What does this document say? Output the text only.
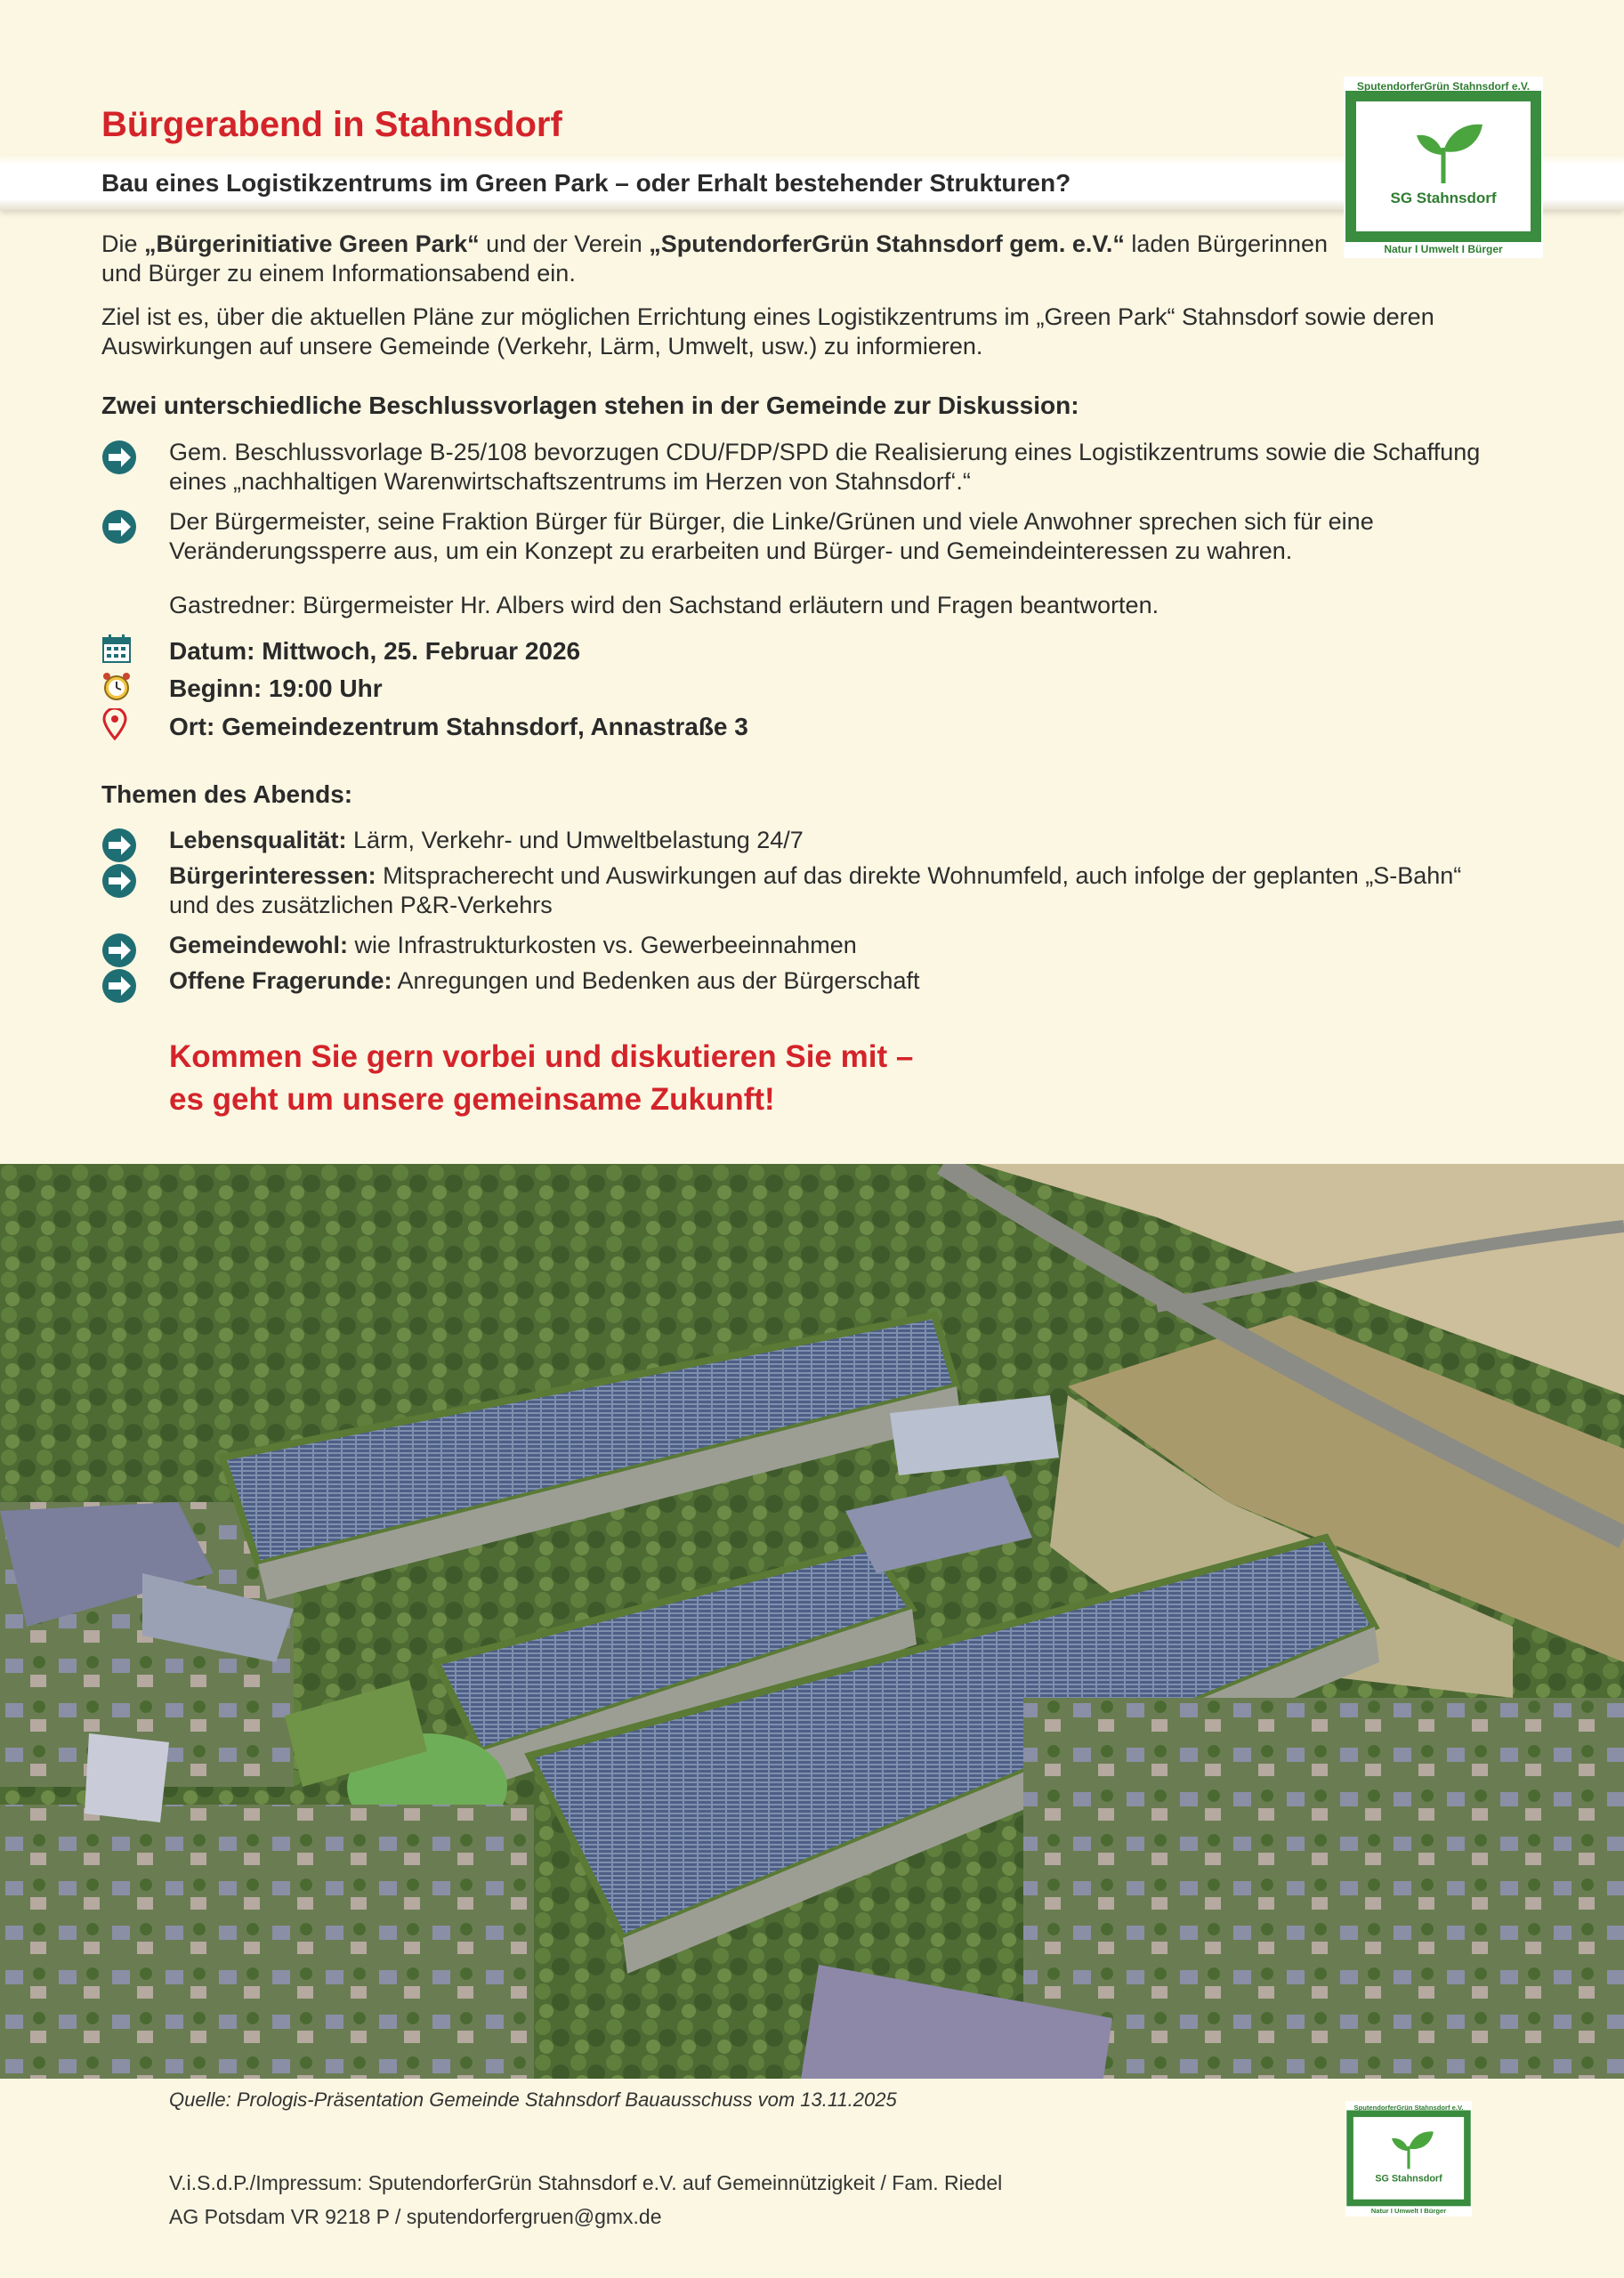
Bürgerabend in Stahnsdorf
Bau eines Logistikzentrums im Green Park – oder Erhalt bestehender Strukturen?
SputendorferGrün Stahnsdorf e.V.
SG Stahnsdorf
Natur I Umwelt I Bürger
Die „Bürgerinitiative Green Park“ und der Verein „SputendorferGrün Stahnsdorf gem. e.V.“ laden Bürgerinnen und Bürger zu einem Informationsabend ein.
Ziel ist es, über die aktuellen Pläne zur möglichen Errichtung eines Logistikzentrums im „Green Park“ Stahnsdorf sowie deren Auswirkungen auf unsere Gemeinde (Verkehr, Lärm, Umwelt, usw.) zu informieren.
Zwei unterschiedliche Beschlussvorlagen stehen in der Gemeinde zur Diskussion:
Gem. Beschlussvorlage B-25/108 bevorzugen CDU/FDP/SPD die Realisierung eines Logistikzentrums sowie die Schaffung eines „nachhaltigen Warenwirtschaftszentrums im Herzen von Stahnsdorf‘.“
Der Bürgermeister, seine Fraktion Bürger für Bürger, die Linke/Grünen und viele Anwohner sprechen sich für eine Veränderungssperre aus, um ein Konzept zu erarbeiten und Bürger- und Gemeindeinteressen zu wahren.
Gastredner: Bürgermeister Hr. Albers wird den Sachstand erläutern und Fragen beantworten.
Datum: Mittwoch, 25. Februar 2026
Beginn: 19:00 Uhr
Ort: Gemeindezentrum Stahnsdorf, Annastraße 3
Themen des Abends:
Lebensqualität: Lärm, Verkehr- und Umweltbelastung 24/7
Bürgerinteressen: Mitspracherecht und Auswirkungen auf das direkte Wohnumfeld, auch infolge der geplanten „S-Bahn“ und des zusätzlichen P&R-Verkehrs
Gemeindewohl: wie Infrastrukturkosten vs. Gewerbeeinnahmen
Offene Fragerunde: Anregungen und Bedenken aus der Bürgerschaft
Kommen Sie gern vorbei und diskutieren Sie mit –
es geht um unsere gemeinsame Zukunft!
Quelle: Prologis-Präsentation Gemeinde Stahnsdorf Bauausschuss vom 13.11.2025
V.i.S.d.P./Impressum: SputendorferGrün Stahnsdorf e.V. auf Gemeinnützigkeit / Fam. Riedel
AG Potsdam VR 9218 P / sputendorfergruen@gmx.de
SputendorferGrün Stahnsdorf e.V.
SG Stahnsdorf
Natur I Umwelt I Bürger
